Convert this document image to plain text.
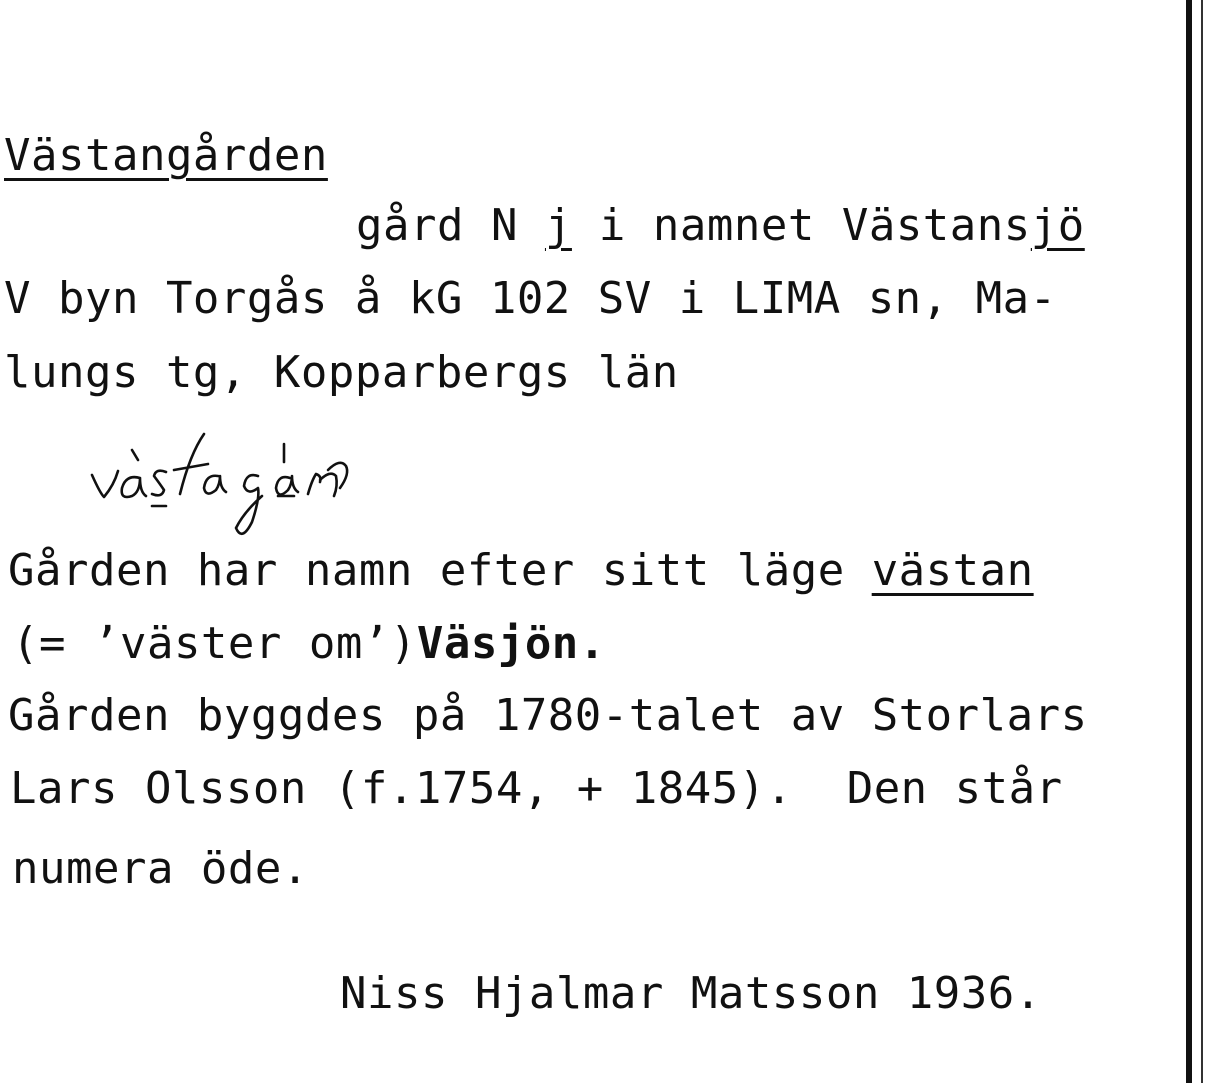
Västangården
gård N j i namnet Västansjö
V byn Torgås å kG 102 SV i LIMA sn, Ma-
lungs tg, Kopparbergs län
Gården har namn efter sitt läge västan
(= ʼväster omʼ)Väsjön.
Gården byggdes på 1780-talet av Storlars
Lars Olsson (f.1754, + 1845).  Den står
numera öde.
Niss Hjalmar Matsson 1936.
